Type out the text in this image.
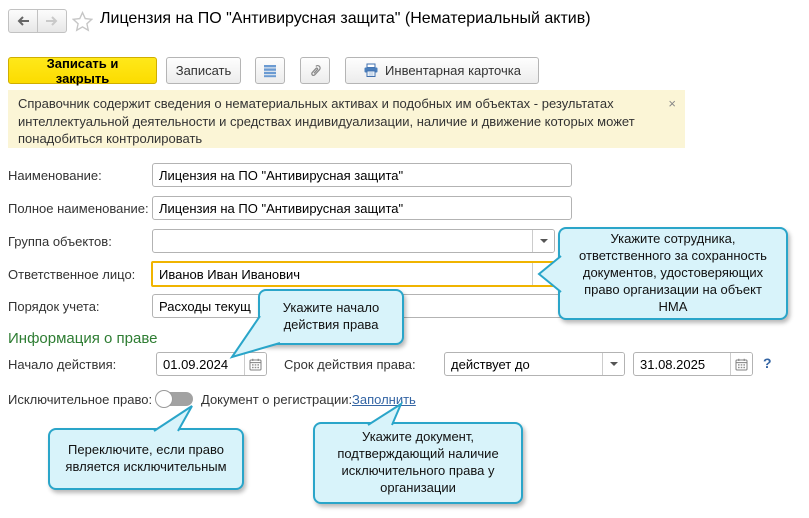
Лицензия на ПО "Антивирусная защита" (Нематериальный актив)
Записать и закрыть	Записать	Инвентарная карточка
Справочник содержит сведения о нематериальных активах и подобных им объектах - результатах интеллектуальной деятельности и средствах индивидуализации, наличие и движение которых может понадобиться контролировать
×
Наименование:
Лицензия на ПО "Антивирусная защита"
Полное наименование:
Лицензия на ПО "Антивирусная защита"
Группа объектов:
Ответственное лицо:
Иванов Иван Иванович
Порядок учета:
Расходы текущ
Информация о праве
Начало действия:
01.09.2024	Срок действия права:
действует до
31.08.2025	?
Исключительное право:	Документ о регистрации: Заполнить
Укажите сотрудника, ответственного за сохранность документов, удостоверяющих право организации на объект НМА
Укажите начало действия права
Переключите, если право является исключительным
Укажите документ, подтверждающий наличие исключительного права у организации
